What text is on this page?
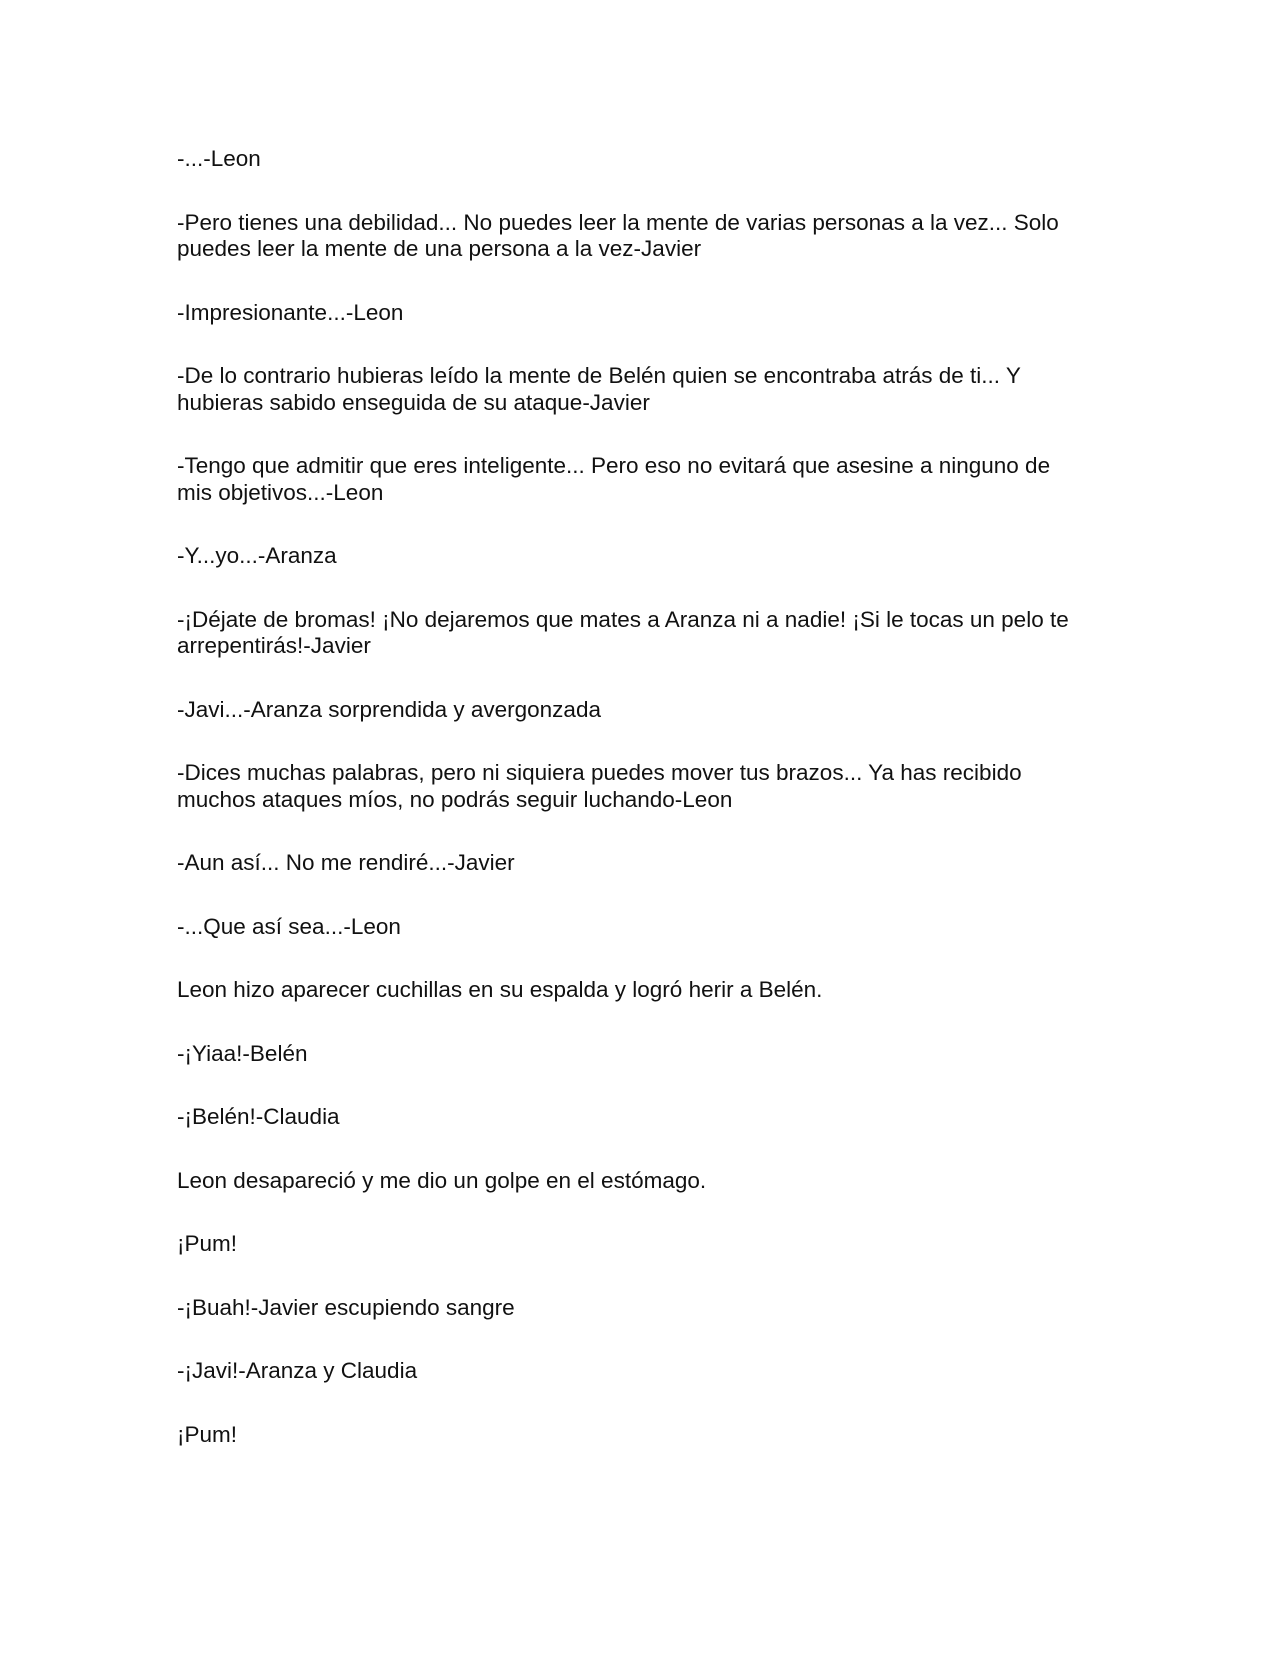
-...-Leon

-Pero tienes una debilidad... No puedes leer la mente de varias personas a la vez... Solo
puedes leer la mente de una persona a la vez-Javier

-Impresionante...-Leon

-De lo contrario hubieras leído la mente de Belén quien se encontraba atrás de ti... Y
hubieras sabido enseguida de su ataque-Javier

-Tengo que admitir que eres inteligente... Pero eso no evitará que asesine a ninguno de
mis objetivos...-Leon

-Y...yo...-Aranza

-¡Déjate de bromas! ¡No dejaremos que mates a Aranza ni a nadie! ¡Si le tocas un pelo te
arrepentirás!-Javier

-Javi...-Aranza sorprendida y avergonzada

-Dices muchas palabras, pero ni siquiera puedes mover tus brazos... Ya has recibido
muchos ataques míos, no podrás seguir luchando-Leon

-Aun así... No me rendiré...-Javier

-...Que así sea...-Leon

Leon hizo aparecer cuchillas en su espalda y logró herir a Belén.

-¡Yiaa!-Belén

-¡Belén!-Claudia

Leon desapareció y me dio un golpe en el estómago.

¡Pum!

-¡Buah!-Javier escupiendo sangre

-¡Javi!-Aranza y Claudia

¡Pum!
